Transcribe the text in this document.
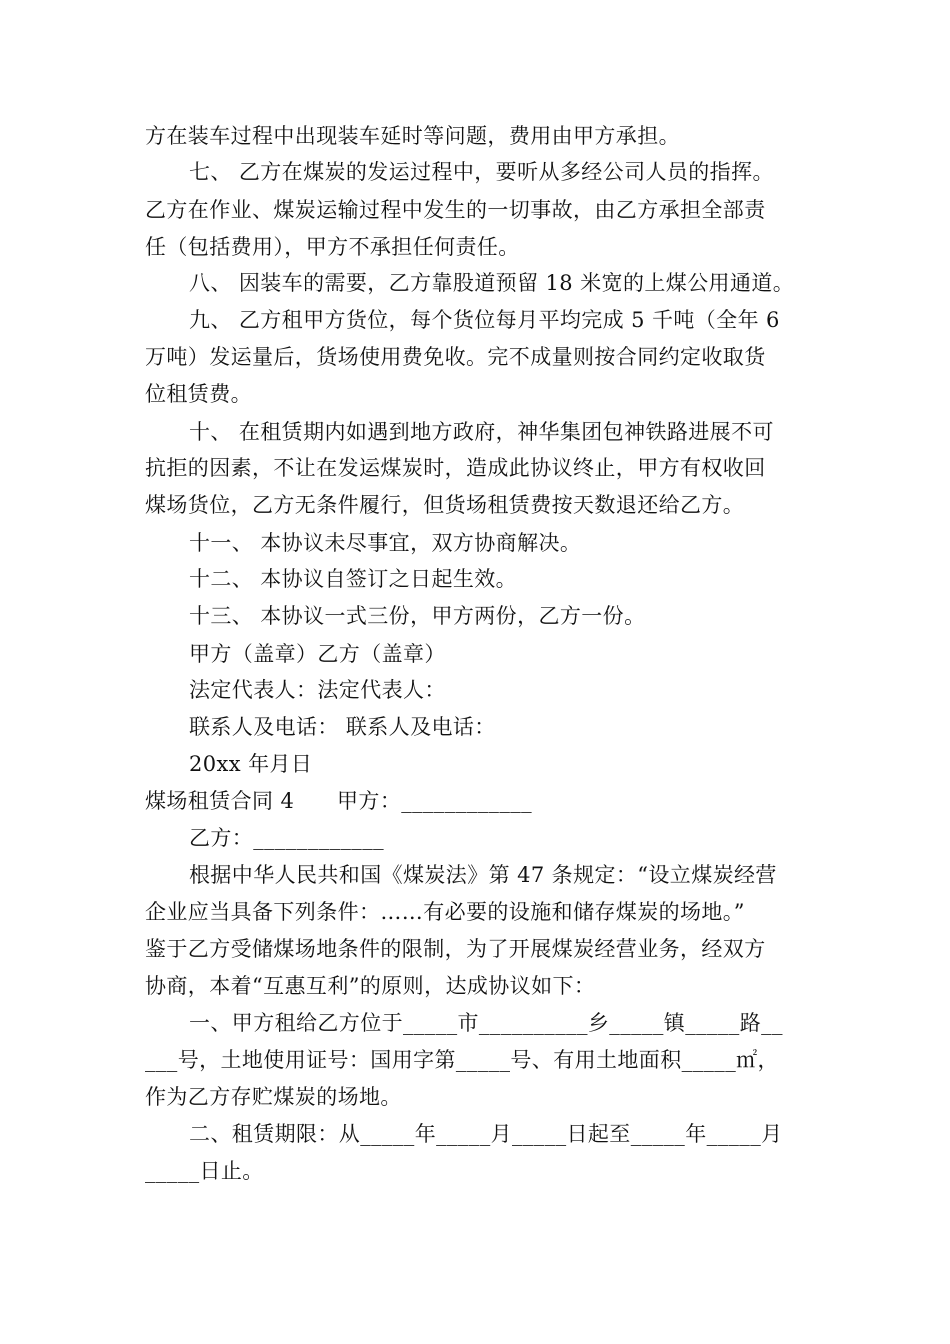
方在装车过程中出现装车延时等问题，费用由甲方承担。
七、 乙方在煤炭的发运过程中，要听从多经公司人员的指挥。
乙方在作业、煤炭运输过程中发生的一切事故，由乙方承担全部责
任（包括费用），甲方不承担任何责任。
八、 因装车的需要，乙方靠股道预留 18 米宽的上煤公用通道。
九、 乙方租甲方货位，每个货位每月平均完成 5 千吨（全年 6
万吨）发运量后，货场使用费免收。完不成量则按合同约定收取货
位租赁费。
十、 在租赁期内如遇到地方政府，神华集团包神铁路进展不可
抗拒的因素，不让在发运煤炭时，造成此协议终止，甲方有权收回
煤场货位，乙方无条件履行，但货场租赁费按天数退还给乙方。
十一、 本协议未尽事宜，双方协商解决。
十二、 本协议自签订之日起生效。
十三、 本协议一式三份，甲方两份，乙方一份。
甲方（盖章）乙方（盖章）
法定代表人：法定代表人：
联系人及电话： 联系人及电话：
20xx 年月日
煤场租赁合同 4　　甲方：____________
乙方：____________
根据中华人民共和国《煤炭法》第 47 条规定：“设立煤炭经营
企业应当具备下列条件：……有必要的设施和储存煤炭的场地。”
鉴于乙方受储煤场地条件的限制，为了开展煤炭经营业务，经双方
协商，本着“互惠互利”的原则，达成协议如下：
一、甲方租给乙方位于_____市__________乡_____镇_____路__
___号，土地使用证号：国用字第_____号、有用土地面积_____㎡，
作为乙方存贮煤炭的场地。
二、租赁期限：从_____年_____月_____日起至_____年_____月
_____日止。
